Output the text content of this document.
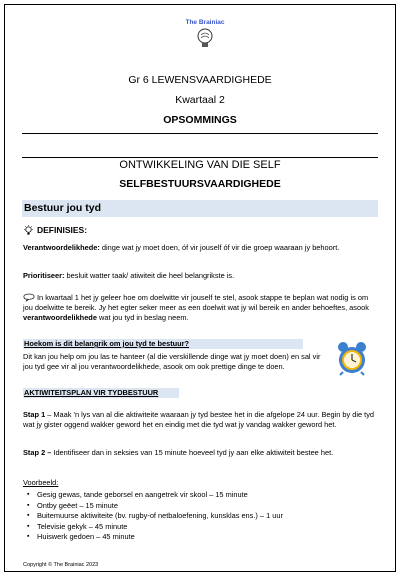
The Brainiac
Gr 6 LEWENSVAARDIGHEDE
Kwartaal 2
OPSOMMINGS
ONTWIKKELING VAN DIE SELF
SELFBESTUURSVAARDIGHEDE
Bestuur jou tyd
DEFINISIES:
Verantwoordelikhede: dinge wat jy moet doen, óf vir jouself óf vir die groep waaraan jy behoort.
Prioritiseer: besluit watter taak/ atiwiteit die heel belangrikste is.
In kwartaal 1 het jy geleer hoe om doelwitte vir jouself te stel, asook stappe te beplan wat nodig is om jou doelwitte te bereik. Jy het egter seker meer as een doelwit wat jy wil bereik en ander behoeftes, asook verantwoordelikhede wat jou tyd in beslag neem.
Hoekom is dit belangrik om jou tyd te bestuur?
Dit kan jou help om jou las te hanteer (al die verskillende dinge wat jy moet doen) en sal vir jou tyd gee vir al jou verantwoordelikhede, asook om ook prettige dinge te doen.
AKTIWITEITSPLAN VIR TYDBESTUUR
Stap 1 – Maak 'n lys van al die aktiwiteite waaraan jy tyd bestee het in die afgelope 24 uur. Begin by die tyd wat jy gister oggend wakker geword het en eindig met die tyd wat jy vandag wakker geword het.
Stap 2 – Identifiseer dan in seksies van 15 minute hoeveel tyd jy aan elke aktiwiteit bestee het.
Voorbeeld:
▪ Gesig gewas, tande geborsel en aangetrek vir skool – 15 minute
▪ Ontby geëet – 15 minute
▪ Buitemuurse aktiwiteite (bv. rugby-of netbaloefening, kunsklas ens.) – 1 uur
▪ Televisie gekyk – 45 minute
▪ Huiswerk gedoen – 45 minute
Copyright © The Brainiac 2023
